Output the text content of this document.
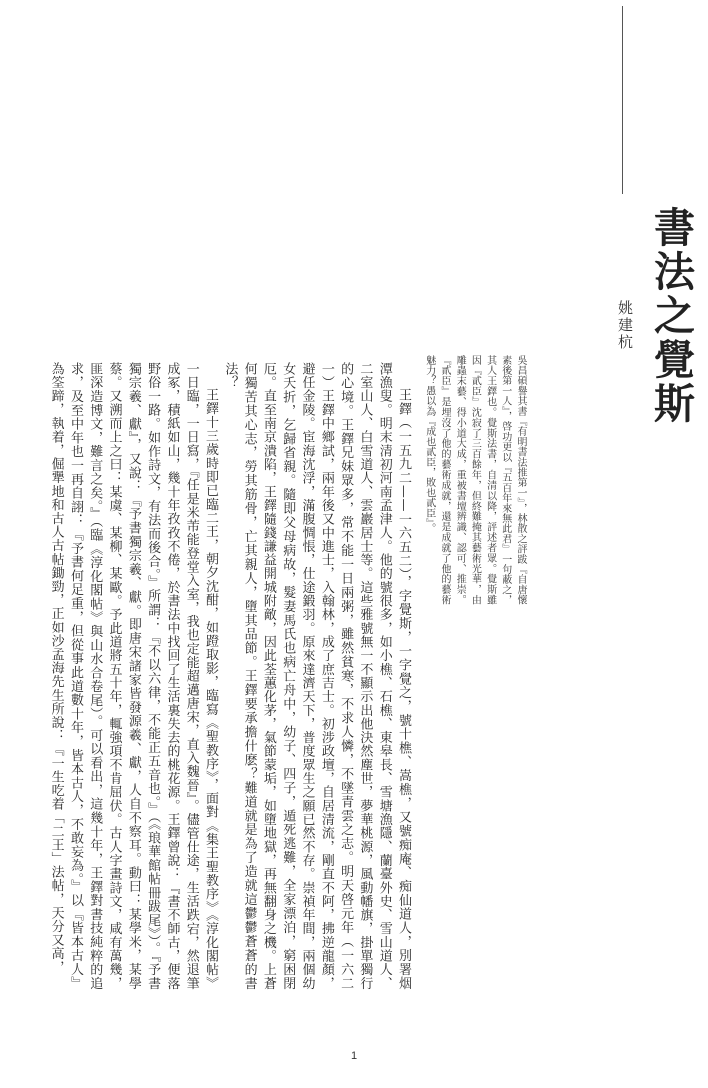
書法之覺斯
姚建杭
吳昌碩譽其書『有明書法推第一』，林散之評跋『自唐懷素後第一人』，啓功更以『五百年來無此君』一句蔽之，其人王鐸也。覺斯法書，自清以降，評述者眾。覺斯雖因『貳臣』沈寂了三百餘年，但終難掩其藝術光華，由雕蟲末藝、得小道大成，重被書壇辨識、認可、推崇。『貳臣』是埋沒了他的藝術成就，還是成就了他的藝術魅力？愚以為『成也貳臣，敗也貳臣』。

王鐸（一五九二——一六五二），字覺斯，一字覺之，號十樵、嵩樵，又號痴庵、痴仙道人，別署烟潭漁叟。明末清初河南孟津人。他的號很多，如小樵、石樵、東皋長、雪塘漁隱、蘭臺外史、雪山道人、二室山人、白雪道人、雲巖居士等。這些雅號無一不顯示出他決然塵世，夢華桃源，風動幡旗，掛單獨行的心境。王鐸兄妹眾多，常不能一日兩粥，雖然貧寒，不求人憐，不墜青雲之志。明天啓元年（一六二一）王鐸中鄉試，兩年後又中進士，入翰林，成了庶吉士。初涉政壇，自居清流，剛直不阿，拂逆龍顏，避任金陵。宦海沈浮，滿腹惆悵，仕途鍛羽。原來達濟天下，普度眾生之願已然不存。崇禎年間，兩個幼女夭折，乞歸省親。隨即父母病故，髮妻馬氏也病亡舟中，幼子、四子，遁死逃難，全家漂泊，窮困閉厄。直至南京潰陷，王鐸隨錢謙益開城附敵，因此荃蕙化茅，氣節蒙垢，如墮地獄，再無翻身之機。上蒼何獨苦其心志，勞其筋骨，亡其親人，墮其品節。王鐸要承擔什麽？難道就是為了造就這鬱鬱蒼蒼的書法？

王鐸十三歲時即已臨二王，朝夕沈酣，如蹬取影，臨寫《聖教序》，面對《集王聖教序》《淳化閣帖》一日臨，一日寫，『任是米芾能登堂入室，我也定能超邁唐宋，直入魏晉』。儘管仕途，生活跌宕，然退筆成冢，積紙如山，幾十年孜孜不倦，於書法中找回了生活裏失去的桃花源。王鐸曾說：『書不師古，便落野俗一路。如作詩文，有法而後合。』所謂：『不以六律，不能正五音也。』（《琅華館帖冊跋尾》）。『予書獨宗羲、獻』，又說：『予書獨宗羲、獻。即唐宋諸家皆發源羲、獻，人自不察耳。動曰：某學米，某學蔡。又溯而上之曰：某虞、某柳、某歐。予此道將五十年，輒強項不肯屈伏。古人字畫詩文，咸有萬幾，匪深造博文，難言之矣。』（臨《淳化閣帖》與山水合卷尾）。可以看出，這幾十年，王鐸對書技純粹的追求，及至中年也一再自詡：『予書何足重，但從事此道數十年，皆本古人，不敢妄為。』以『皆本古人』為筌蹄，執着，倔犟地和古人古帖鋤勁，正如沙孟海先生所說：『一生吃着「二王」法帖，天分又高，

1
